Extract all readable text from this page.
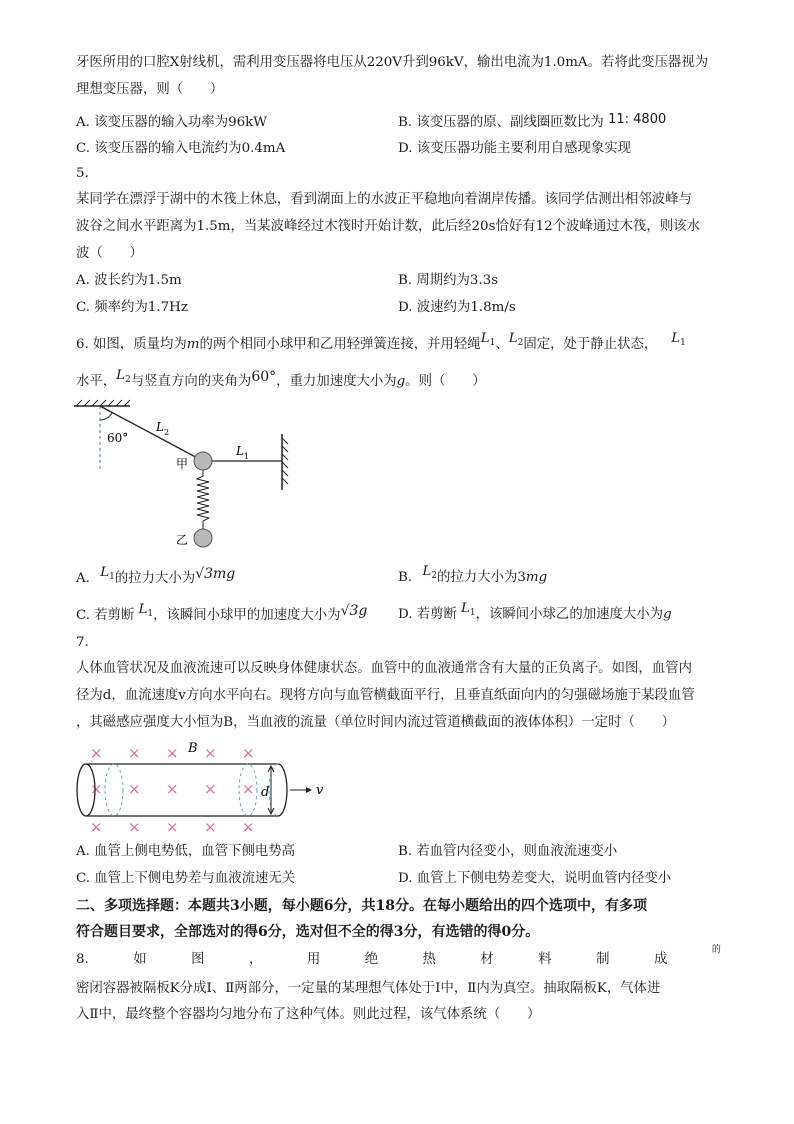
牙医所用的口腔X射线机，需利用变压器将电压从220V升到96kV，输出电流为1.0mA。若将此变压器视为
理想变压器，则（　　）
A. 该变压器的输入功率为96kW	B. 该变压器的原、副线圈匝数比为 11: 4800
C. 该变压器的输入电流约为0.4mA	D. 该变压器功能主要利用自感现象实现
5.
某同学在漂浮于湖中的木筏上休息，看到湖面上的水波正平稳地向着湖岸传播。该同学估测出相邻波峰与
波谷之间水平距离为1.5m，当某波峰经过木筏时开始计数，此后经20s恰好有12个波峰通过木筏，则该水
波（　　）
A. 波长约为1.5m	B. 周期约为3.3s
C. 频率约为1.7Hz	D. 波速约为1.8m/s
6. 如图，质量均为m的两个相同小球甲和乙用轻弹簧连接，并用轻绳$L^1$、$L^2$固定，处于静止状态， $L^1$
水平，$L^2$与竖直方向的夹角为60°，重力加速度大小为g。则（　　）
60°
L 2
L 1
甲
乙
A. $L^1$的拉力大小为√3mg	B. $L^2$的拉力大小为3mg
C. 若剪断 $L^1$，该瞬间小球甲的加速度大小为√3g D. 若剪断 $L^1$，该瞬间小球乙的加速度大小为g
7.
人体血管状况及血液流速可以反映身体健康状态。血管中的血液通常含有大量的正负离子。如图，血管内
径为d，血流速度v方向水平向右。现将方向与血管横截面平行，且垂直纸面向内的匀强磁场施于某段血管
，其磁感应强度大小恒为B，当血液的流量（单位时间内流过管道横截面的液体体积）一定时（　　）
× × × × ×
× × × × ×
× × × × ×
B
d	v
A. 血管上侧电势低，血管下侧电势高	B. 若血管内径变小，则血液流速变小
C. 血管上下侧电势差与血液流速无关	D. 血管上下侧电势差变大，说明血管内径变小
二、多项选择题：本题共3小题，每小题6分，共18分。在每小题给出的四个选项中，有多项
符合题目要求，全部选对的得6分，选对但不全的得3分，有选错的得0分。
8.	如	图	，	用	绝	热	材	料	制	成
的
密闭容器被隔板K分成Ⅰ、Ⅱ两部分，一定量的某理想气体处于Ⅰ中，Ⅱ内为真空。抽取隔板K，气体进
入Ⅱ中，最终整个容器均匀地分布了这种气体。则此过程，该气体系统（　　）
